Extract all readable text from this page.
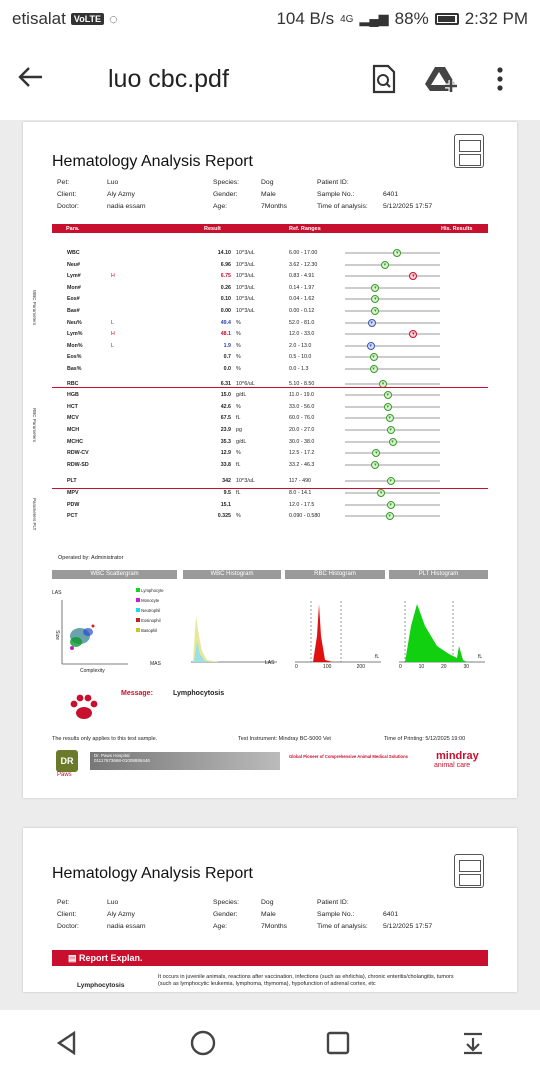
etisalat VoLTE ◌	104 B/s 4G ▂▄▆ 88% 2:32 PM
luo cbc.pdf
Hematology Analysis Report
Pet:	Luo	Species:	Dog	Patient ID:
Client:	Aly Azmy	Gender:	Male	Sample No.:	6401
Doctor:	nadia essam	Age:	7Months	Time of analysis: 5/12/2025 17:57
Para.	Result	Ref. Ranges	His. Results
WBC	14.10 10^3/uL	6.00 - 17.00	▾
Neu#	6.96 10^3/uL	3.62 - 12.30	▾
Lym#	H	6.75 10^3/uL	0.83 - 4.91	▾
Mon#	0.26 10^3/uL	0.14 - 1.97	▾
Eos#	0.10 10^3/uL	0.04 - 1.62	▾
Bas#	0.00 10^3/uL	0.00 - 0.12	▾
Neu%	L	49.4 %	52.0 - 81.0	▾
Lym%	H	48.1 %	12.0 - 33.0	▾
Mon%	L	1.9 %	2.0 - 13.0	▾
Eos%	0.7 %	0.5 - 10.0	▾
Bas%	0.0 %	0.0 - 1.3	▾
RBC	6.31 10^6/uL	5.10 - 8.50	▾
HGB	15.0 g/dL	11.0 - 19.0	▾
HCT	42.6 %	33.0 - 56.0	▾
MCV	67.5 fL	60.0 - 76.0	▾
MCH	23.9 pg	20.0 - 27.0	▾
MCHC	35.3 g/dL	30.0 - 38.0	▾
RDW-CV	12.9 %	12.5 - 17.2	▾
RDW-SD	33.8 fL	33.2 - 46.3	▾
PLT	342 10^3/uL	117 - 490	▾
MPV	9.5 fL	8.0 - 14.1	▾
PDW	15.1	12.0 - 17.5	▾
PCT	0.325 %	0.090 - 0.580	▾
WBC Parameters
RBC Parameters
Parameters PLT
Operated by: Administrator
WBC Scattergram	WBC Histogram	RBC Histogram	PLT Histogram
LAS
Size
Lymphocyte
Monocyte
Neutrophil
Eosinophil
Basophil
MAS
Complexity
LAS
fL
0	100	200
fL
0	10	20	30
Message:	Lymphocytosis
The results only applies to this test sample.	Test Instrument: Mindray BC-5000 Vet	Time of Printing: 5/12/2025 19:00
DR
Paws
Dr. Paws Hospital
01117673668-01008886446
Global Pioneer of Comprehensive Animal Medical Solutions	mindray
animal care
Hematology Analysis Report
Pet:	Luo	Species:	Dog	Patient ID:
Client:	Aly Azmy	Gender:	Male	Sample No.:	6401
Doctor:	nadia essam	Age:	7Months	Time of analysis: 5/12/2025 17:57
▤ Report Explan.
Lymphocytosis
It occurs in juvenile animals, reactions after vaccination, infections (such as ehrlichia), chronic enteritis/cholangitis, tumors (such as lymphocytic leukemia, lymphoma, thymoma), hypofunction of adrenal cortex, etc
